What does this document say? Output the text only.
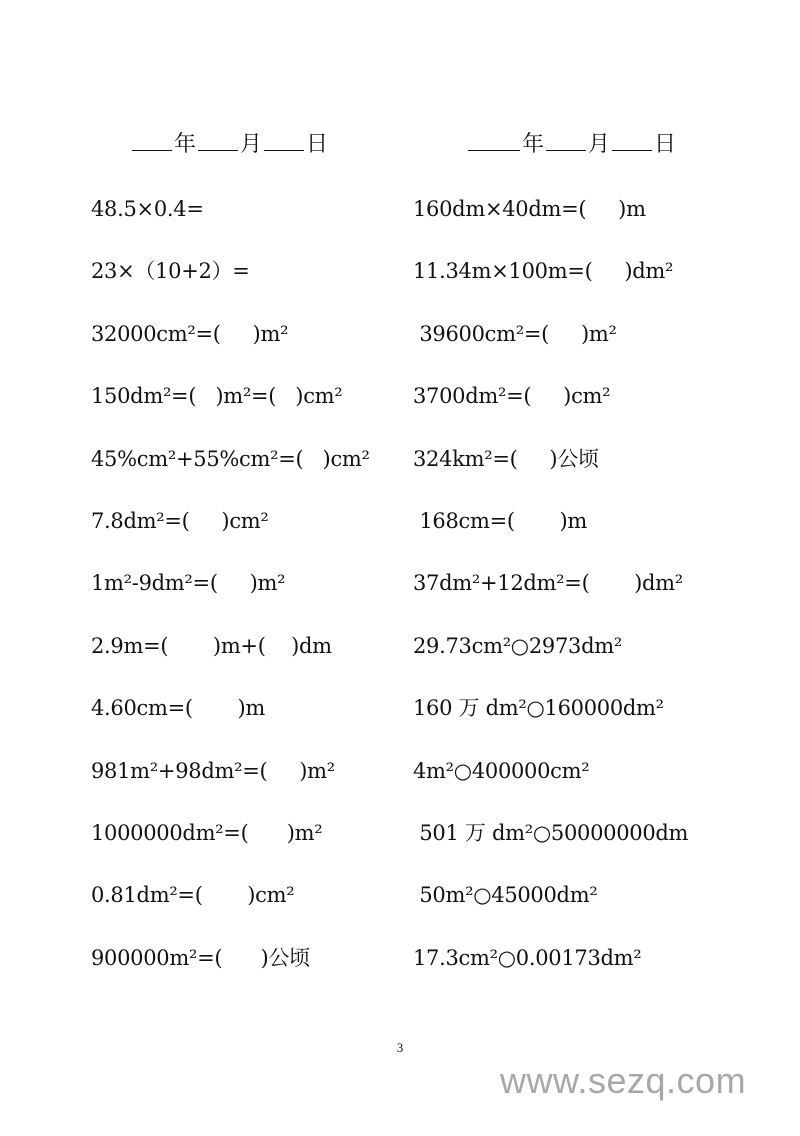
年 月 日	年 月 日
48.5×0.4=
23×（10+2）=
32000cm²=(     )m²
150dm²=(   )m²=(   )cm²
45%cm²+55%cm²=(   )cm²
7.8dm²=(     )cm²
1m²-9dm²=(     )m²
2.9m=(       )m+(    )dm
4.60cm=(       )m
981m²+98dm²=(     )m²
1000000dm²=(      )m²
0.81dm²=(       )cm²
900000m²=(      )公顷
160dm×40dm=(     )m
11.34m×100m=(     )dm²
39600cm²=(     )m²
3700dm²=(     )cm²
324km²=(     )公顷
168cm=(       )m
37dm²+12dm²=(       )dm²
29.73cm²○2973dm²
160 万 dm²○160000dm²
4m²○400000cm²
501 万 dm²○50000000dm
50m²○45000dm²
17.3cm²○0.00173dm²
3
www.sezq.com
